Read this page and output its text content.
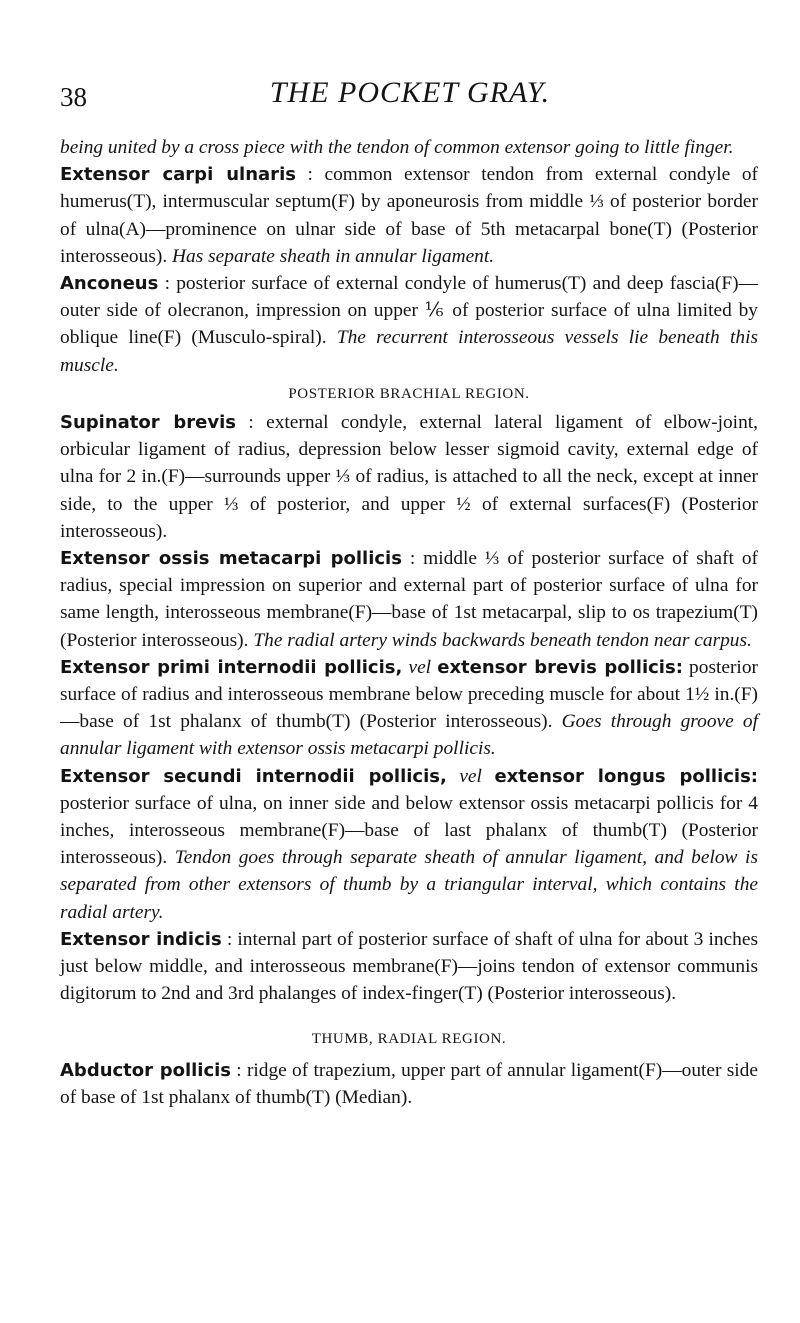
38	THE POCKET GRAY.

being united by a cross piece with the tendon of common extensor going to little finger.

Extensor carpi ulnaris : common extensor tendon from external condyle of humerus(T), intermuscular septum(F) by aponeurosis from middle ⅓ of posterior border of ulna(A)—prominence on ulnar side of base of 5th metacarpal bone(T) (Posterior interosseous). Has separate sheath in annular ligament.

Anconeus : posterior surface of external condyle of humerus(T) and deep fascia(F)—outer side of olecranon, impression on upper ⅙ of posterior surface of ulna limited by oblique line(F) (Musculo-spiral). The recurrent interosseous vessels lie beneath this muscle.

POSTERIOR BRACHIAL REGION.

Supinator brevis : external condyle, external lateral ligament of elbow-joint, orbicular ligament of radius, depression below lesser sigmoid cavity, external edge of ulna for 2 in.(F)—surrounds upper ⅓ of radius, is attached to all the neck, except at inner side, to the upper ⅓ of posterior, and upper ½ of external surfaces(F) (Posterior interosseous).

Extensor ossis metacarpi pollicis : middle ⅓ of posterior surface of shaft of radius, special impression on superior and external part of posterior surface of ulna for same length, interosseous membrane(F)—base of 1st metacarpal, slip to os trapezium(T) (Posterior interosseous). The radial artery winds backwards beneath tendon near carpus.

Extensor primi internodii pollicis, vel extensor brevis pollicis: posterior surface of radius and interosseous membrane below preceding muscle for about 1½ in.(F)—base of 1st phalanx of thumb(T) (Posterior interosseous). Goes through groove of annular ligament with extensor ossis metacarpi pollicis.

Extensor secundi internodii pollicis, vel extensor longus pollicis: posterior surface of ulna, on inner side and below extensor ossis metacarpi pollicis for 4 inches, interosseous membrane(F)—base of last phalanx of thumb(T) (Posterior interosseous). Tendon goes through separate sheath of annular ligament, and below is separated from other extensors of thumb by a triangular interval, which contains the radial artery.

Extensor indicis : internal part of posterior surface of shaft of ulna for about 3 inches just below middle, and interosseous membrane(F)—joins tendon of extensor communis digitorum to 2nd and 3rd phalanges of index-finger(T) (Posterior interosseous).

THUMB, RADIAL REGION.

Abductor pollicis : ridge of trapezium, upper part of annular ligament(F)—outer side of base of 1st phalanx of thumb(T) (Median).
